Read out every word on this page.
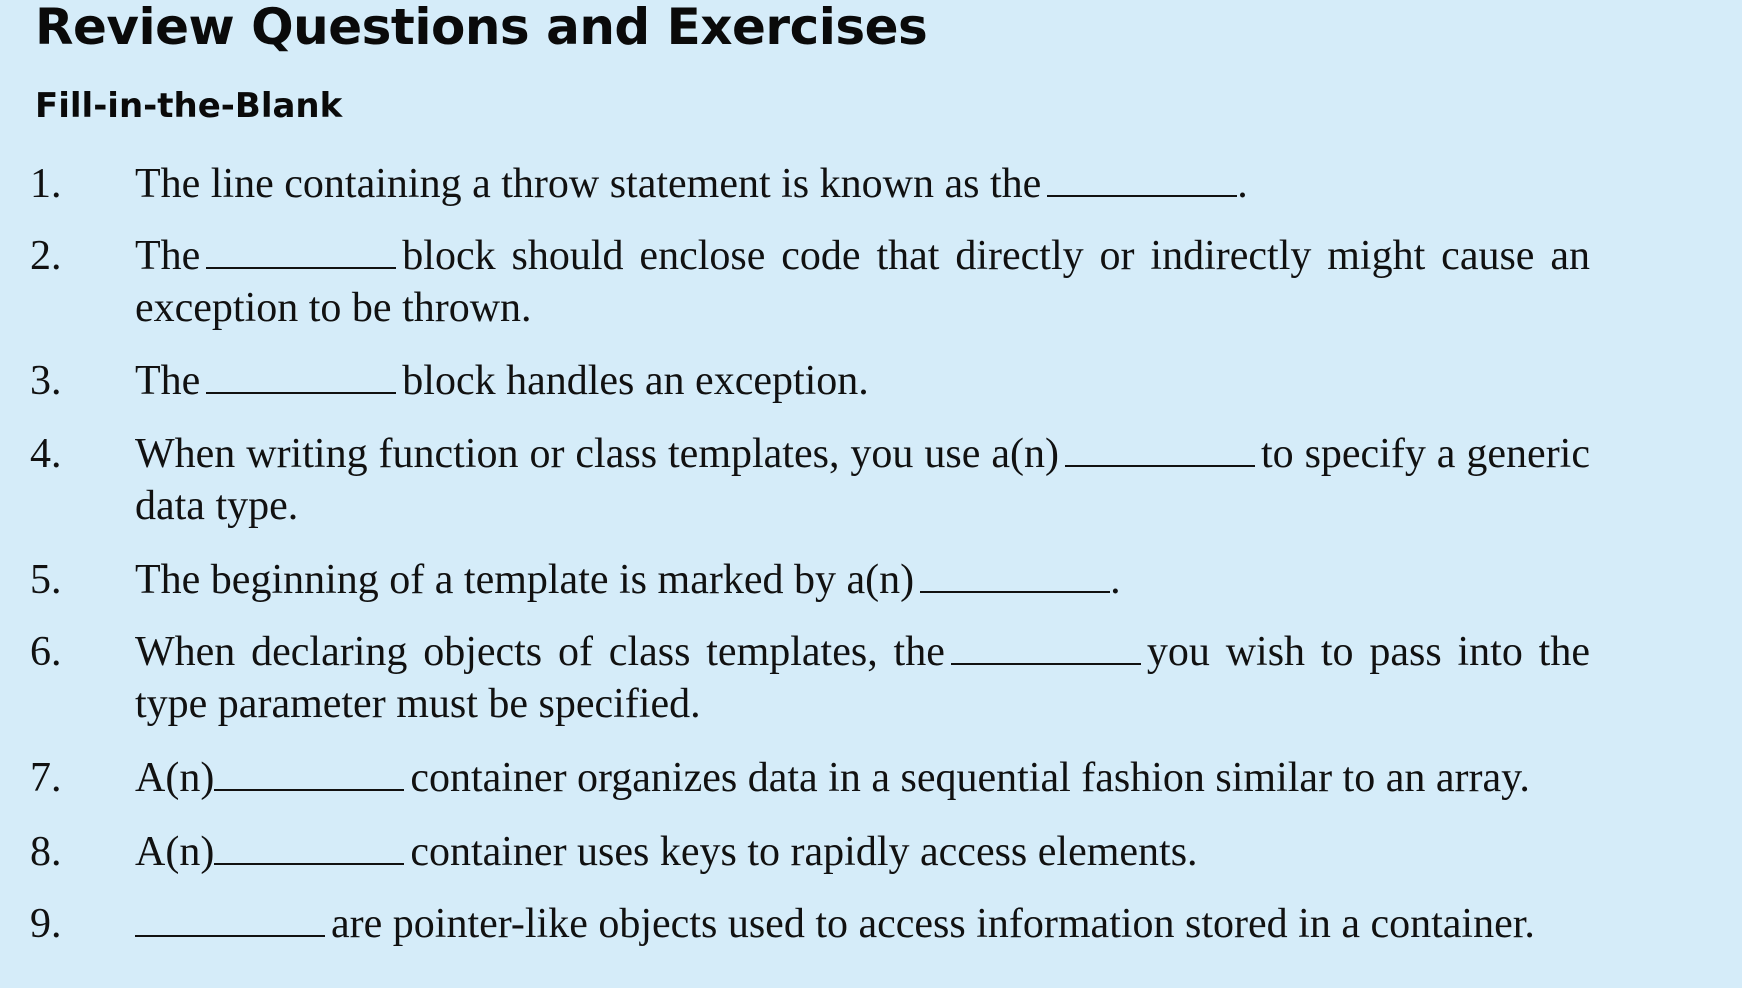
Review Questions and Exercises
Fill-in-the-Blank
1. The line containing a throw statement is known as the	.
2. The	block should enclose code that directly or indirectly might cause an exception to be thrown.
3. The	block handles an exception.
4. When writing function or class templates, you use a(n)	to specify a generic data type.
5. The beginning of a template is marked by a(n)	.
6. When declaring objects of class templates, the	you wish to pass into the type parameter must be specified.
7. A(n)	container organizes data in a sequential fashion similar to an array.
8. A(n)	container uses keys to rapidly access elements.
9.	are pointer-like objects used to access information stored in a container.
